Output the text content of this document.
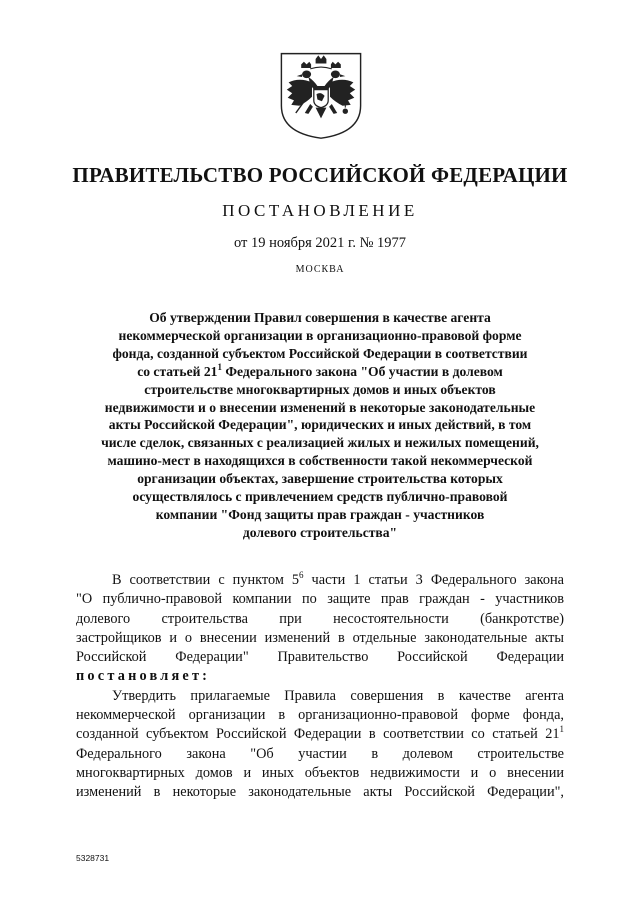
ПРАВИТЕЛЬСТВО РОССИЙСКОЙ ФЕДЕРАЦИИ
ПОСТАНОВЛЕНИЕ
от 19 ноября 2021 г. № 1977
МОСКВА
Об утверждении Правил совершения в качестве агента
некоммерческой организации в организационно-правовой форме
фонда, созданной субъектом Российской Федерации в соответствии
со статьей $21^1$ Федерального закона "Об участии в долевом
строительстве многоквартирных домов и иных объектов
недвижимости и о внесении изменений в некоторые законодательные
акты Российской Федерации", юридических и иных действий, в том
числе сделок, связанных с реализацией жилых и нежилых помещений,
машино-мест в находящихся в собственности такой некоммерческой
организации объектах, завершение строительства которых
осуществлялось с привлечением средств публично-правовой
компании "Фонд защиты прав граждан - участников
долевого строительства"
В соответствии с пунктом $5^6$ части 1 статьи 3 Федерального закона
"О публично-правовой компании по защите прав граждан - участников
долевого строительства при несостоятельности (банкротстве)
застройщиков и о внесении изменений в отдельные законодательные акты
Российской Федерации" Правительство Российской Федерации
постановляет:
Утвердить прилагаемые Правила совершения в качестве агента
некоммерческой организации в организационно-правовой форме фонда,
созданной субъектом Российской Федерации в соответствии со статьей $21^1$
Федерального закона "Об участии в долевом строительстве
многоквартирных домов и иных объектов недвижимости и о внесении
изменений в некоторые законодательные акты Российской Федерации",
5328731
